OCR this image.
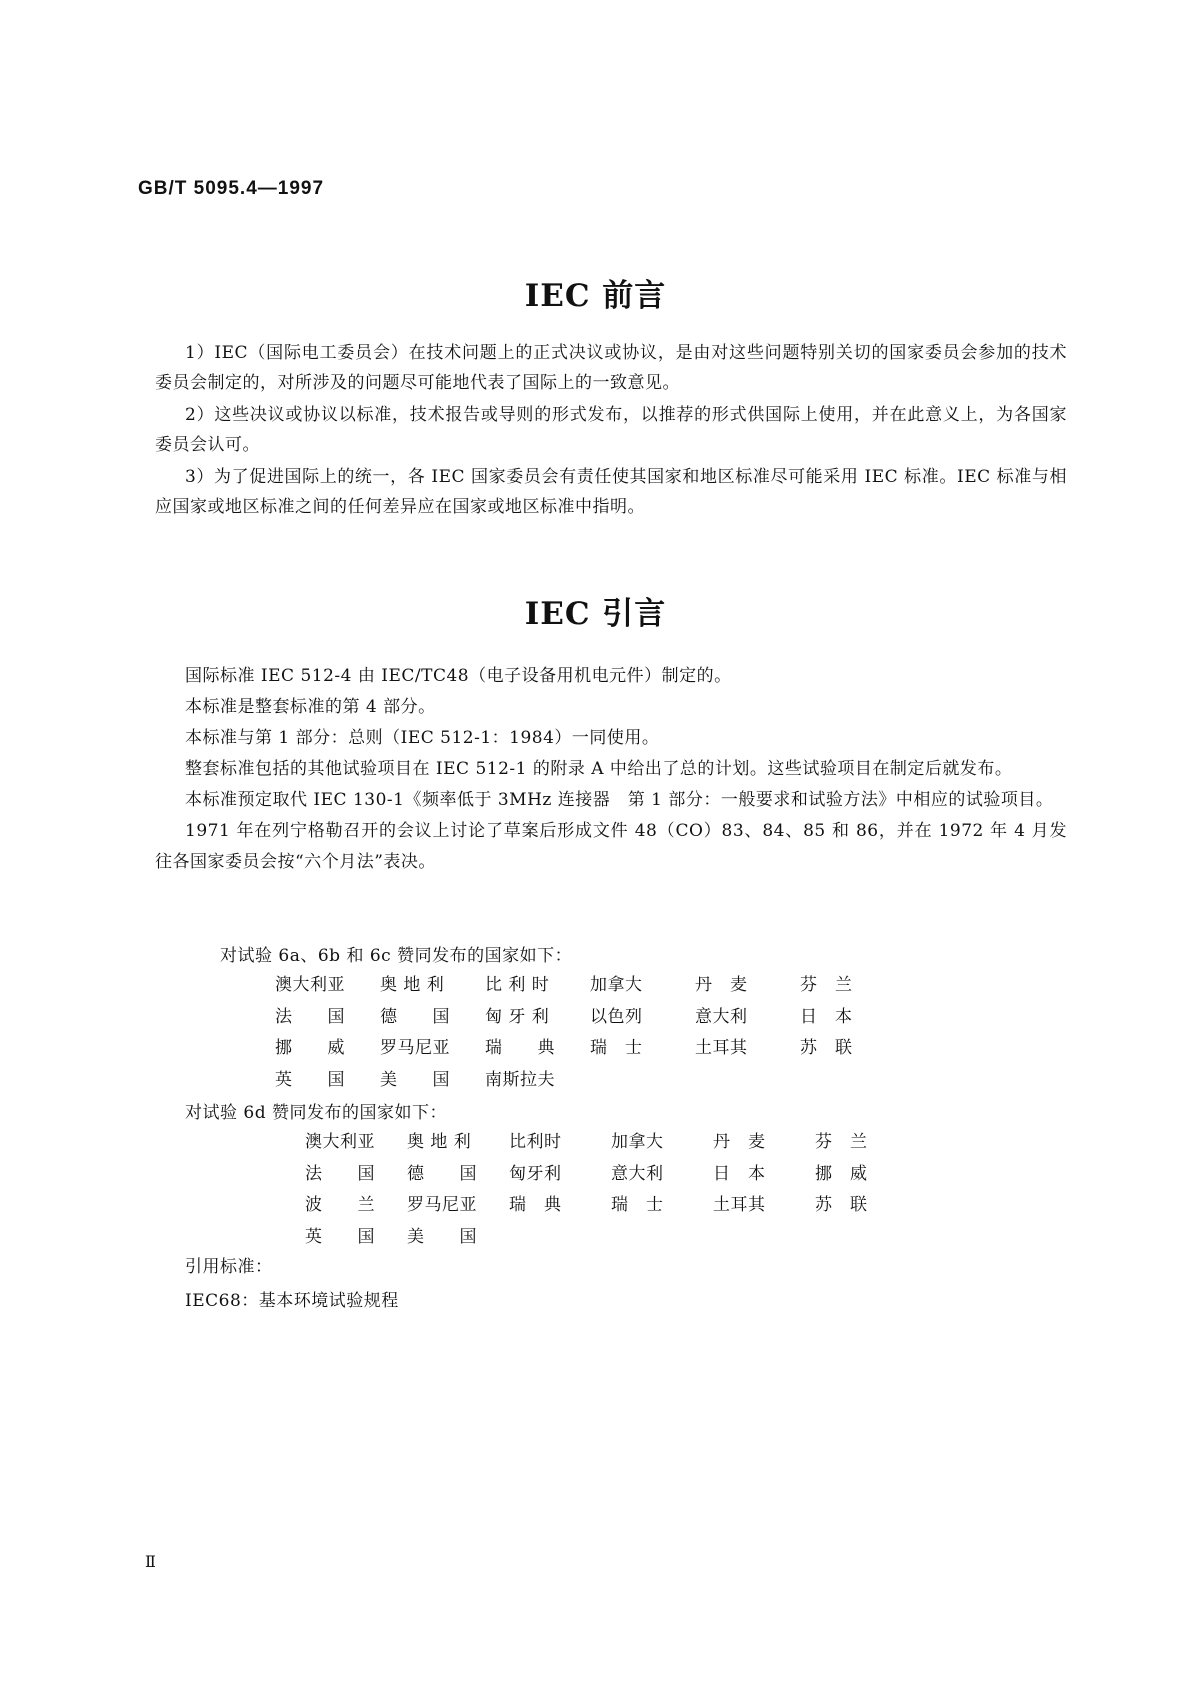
GB/T 5095.4—1997
IEC 前言

1）IEC（国际电工委员会）在技术问题上的正式决议或协议，是由对这些问题特别关切的国家委员会参加的技术委员会制定的，对所涉及的问题尽可能地代表了国际上的一致意见。

2）这些决议或协议以标准，技术报告或导则的形式发布，以推荐的形式供国际上使用，并在此意义上，为各国家委员会认可。

3）为了促进国际上的统一，各 IEC 国家委员会有责任使其国家和地区标准尽可能采用 IEC 标准。IEC 标准与相应国家或地区标准之间的任何差异应在国家或地区标准中指明。

IEC 引言

国际标准 IEC 512-4 由 IEC/TC48（电子设备用机电元件）制定的。

本标准是整套标准的第 4 部分。

本标准与第 1 部分：总则（IEC 512-1：1984）一同使用。

整套标准包括的其他试验项目在 IEC 512-1 的附录 A 中给出了总的计划。这些试验项目在制定后就发布。

本标准预定取代 IEC 130-1《频率低于 3MHz 连接器　第 1 部分：一般要求和试验方法》中相应的试验项目。

1971 年在列宁格勒召开的会议上讨论了草案后形成文件 48（CO）83、84、85 和 86，并在 1972 年 4 月发往各国家委员会按“六个月法”表决。

对试验 6a、6b 和 6c 赞同发布的国家如下：
澳大利亚	奥 地 利	比 利 时	加拿大	丹　麦	芬　兰
法　　国	德　　国	匈 牙 利	以色列	意大利	日　本
挪　　威	罗马尼亚	瑞　　典	瑞　士	土耳其	苏　联
英　　国	美　　国	南斯拉夫
对试验 6d 赞同发布的国家如下：
澳大利亚	奥 地 利	比利时	加拿大	丹　麦	芬　兰
法　　国	德　　国	匈牙利	意大利	日　本	挪　威
波　　兰	罗马尼亚	瑞　典	瑞　士	土耳其	苏　联
英　　国	美　　国
引用标准：
IEC68：基本环境试验规程
Ⅱ
